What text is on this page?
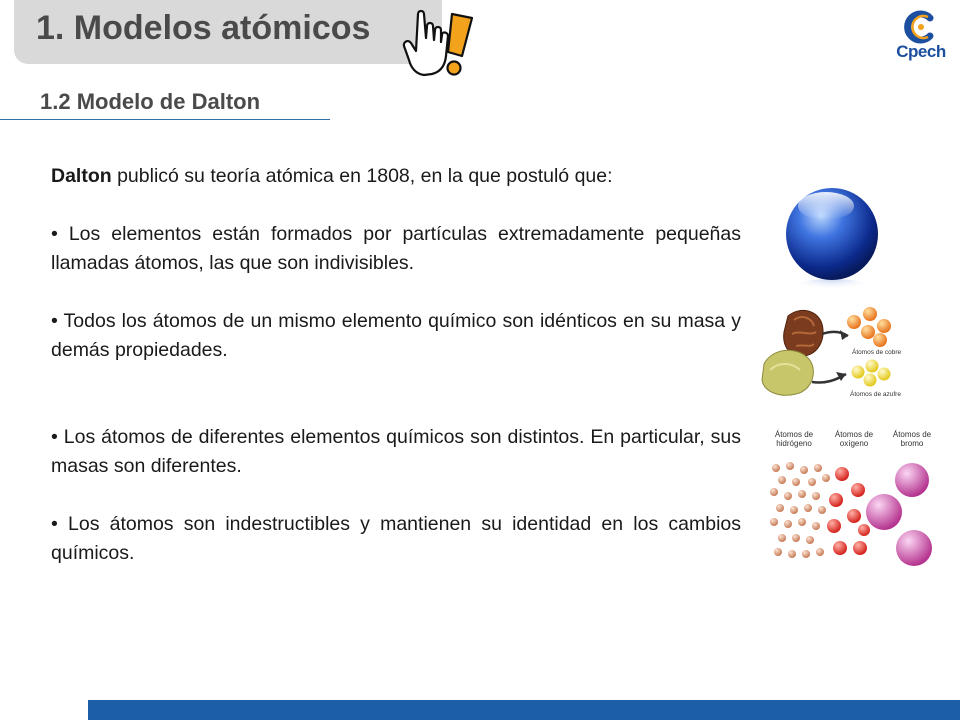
1. Modelos atómicos
Cpech
1.2 Modelo de Dalton

Dalton publicó su teoría atómica en 1808, en la que postuló que:

• Los elementos están formados por partículas extremadamente pequeñas llamadas átomos, las que son indivisibles.

• Todos los átomos de un mismo elemento químico son idénticos en su masa y demás propiedades.

• Los átomos de diferentes elementos químicos son distintos. En particular, sus masas son diferentes.

• Los átomos son indestructibles y mantienen su identidad en los cambios químicos.

Átomos de cobre
Átomos de azufre
Átomos de hidrógeno
Átomos de oxígeno
Átomos de bromo
